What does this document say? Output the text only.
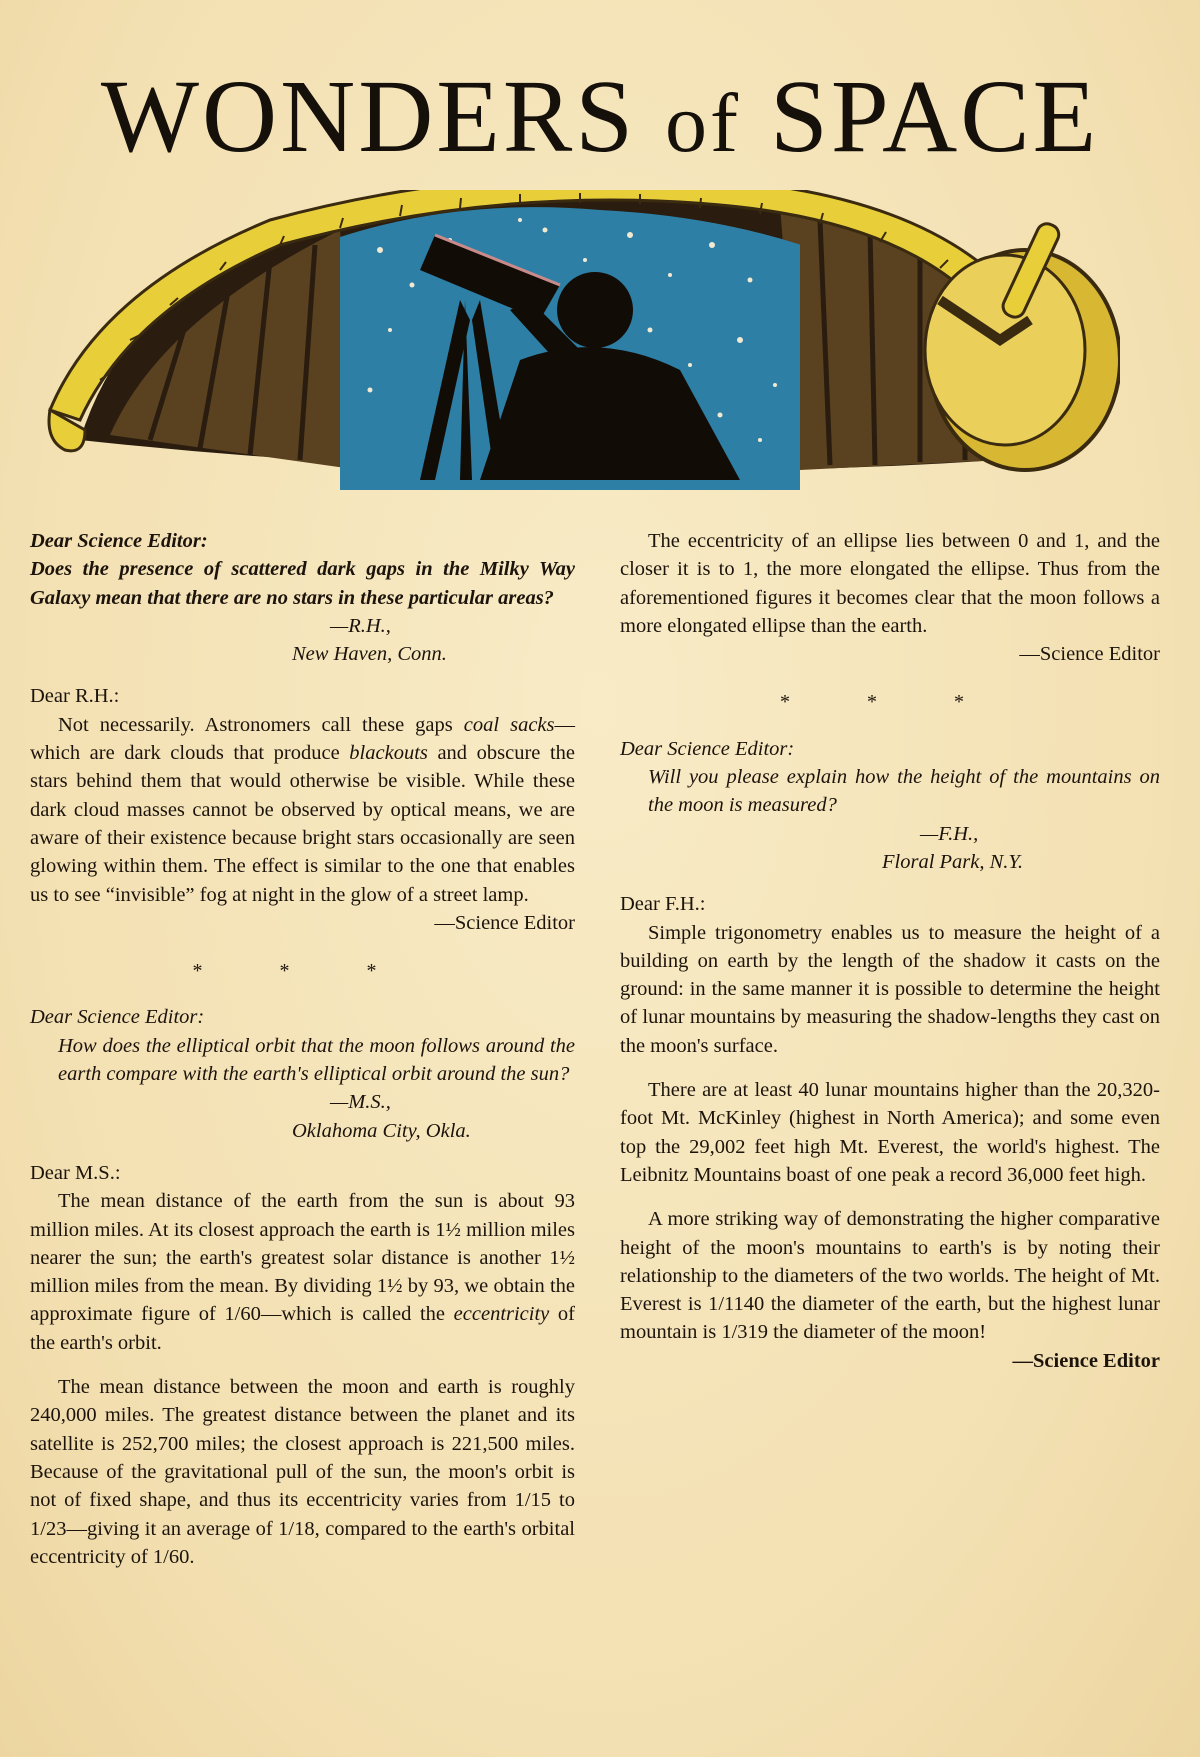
WONDERS of SPACE

Dear Science Editor:

Does the presence of scattered dark gaps in the Milky Way Galaxy mean that there are no stars in these particular areas?

—R.H.,

New Haven, Conn.

Dear R.H.:

Not necessarily. Astronomers call these gaps coal sacks—which are dark clouds that produce blackouts and obscure the stars behind them that would otherwise be visible. While these dark cloud masses cannot be observed by optical means, we are aware of their existence because bright stars occasionally are seen glowing within them. The effect is similar to the one that enables us to see “invisible” fog at night in the glow of a street lamp.

—Science Editor

* * *

Dear Science Editor:

How does the elliptical orbit that the moon follows around the earth compare with the earth's elliptical orbit around the sun?

—M.S.,

Oklahoma City, Okla.

Dear M.S.:

The mean distance of the earth from the sun is about 93 million miles. At its closest approach the earth is 1½ million miles nearer the sun; the earth's greatest solar distance is another 1½ million miles from the mean. By dividing 1½ by 93, we obtain the approximate figure of 1/60—which is called the eccentricity of the earth's orbit.

The mean distance between the moon and earth is roughly 240,000 miles. The greatest distance between the planet and its satellite is 252,700 miles; the closest approach is 221,500 miles. Because of the gravitational pull of the sun, the moon's orbit is not of fixed shape, and thus its eccentricity varies from 1/15 to 1/23—giving it an average of 1/18, compared to the earth's orbital eccentricity of 1/60.

The eccentricity of an ellipse lies between 0 and 1, and the closer it is to 1, the more elongated the ellipse. Thus from the aforementioned figures it becomes clear that the moon follows a more elongated ellipse than the earth.

—Science Editor

* * *

Dear Science Editor:

Will you please explain how the height of the mountains on the moon is measured?

—F.H.,

Floral Park, N.Y.

Dear F.H.:

Simple trigonometry enables us to measure the height of a building on earth by the length of the shadow it casts on the ground: in the same manner it is possible to determine the height of lunar mountains by measuring the shadow-lengths they cast on the moon's surface.

There are at least 40 lunar mountains higher than the 20,320-foot Mt. McKinley (highest in North America); and some even top the 29,002 feet high Mt. Everest, the world's highest. The Leibnitz Mountains boast of one peak a record 36,000 feet high.

A more striking way of demonstrating the higher comparative height of the moon's mountains to earth's is by noting their relationship to the diameters of the two worlds. The height of Mt. Everest is 1/1140 the diameter of the earth, but the highest lunar mountain is 1/319 the diameter of the moon!

—Science Editor
